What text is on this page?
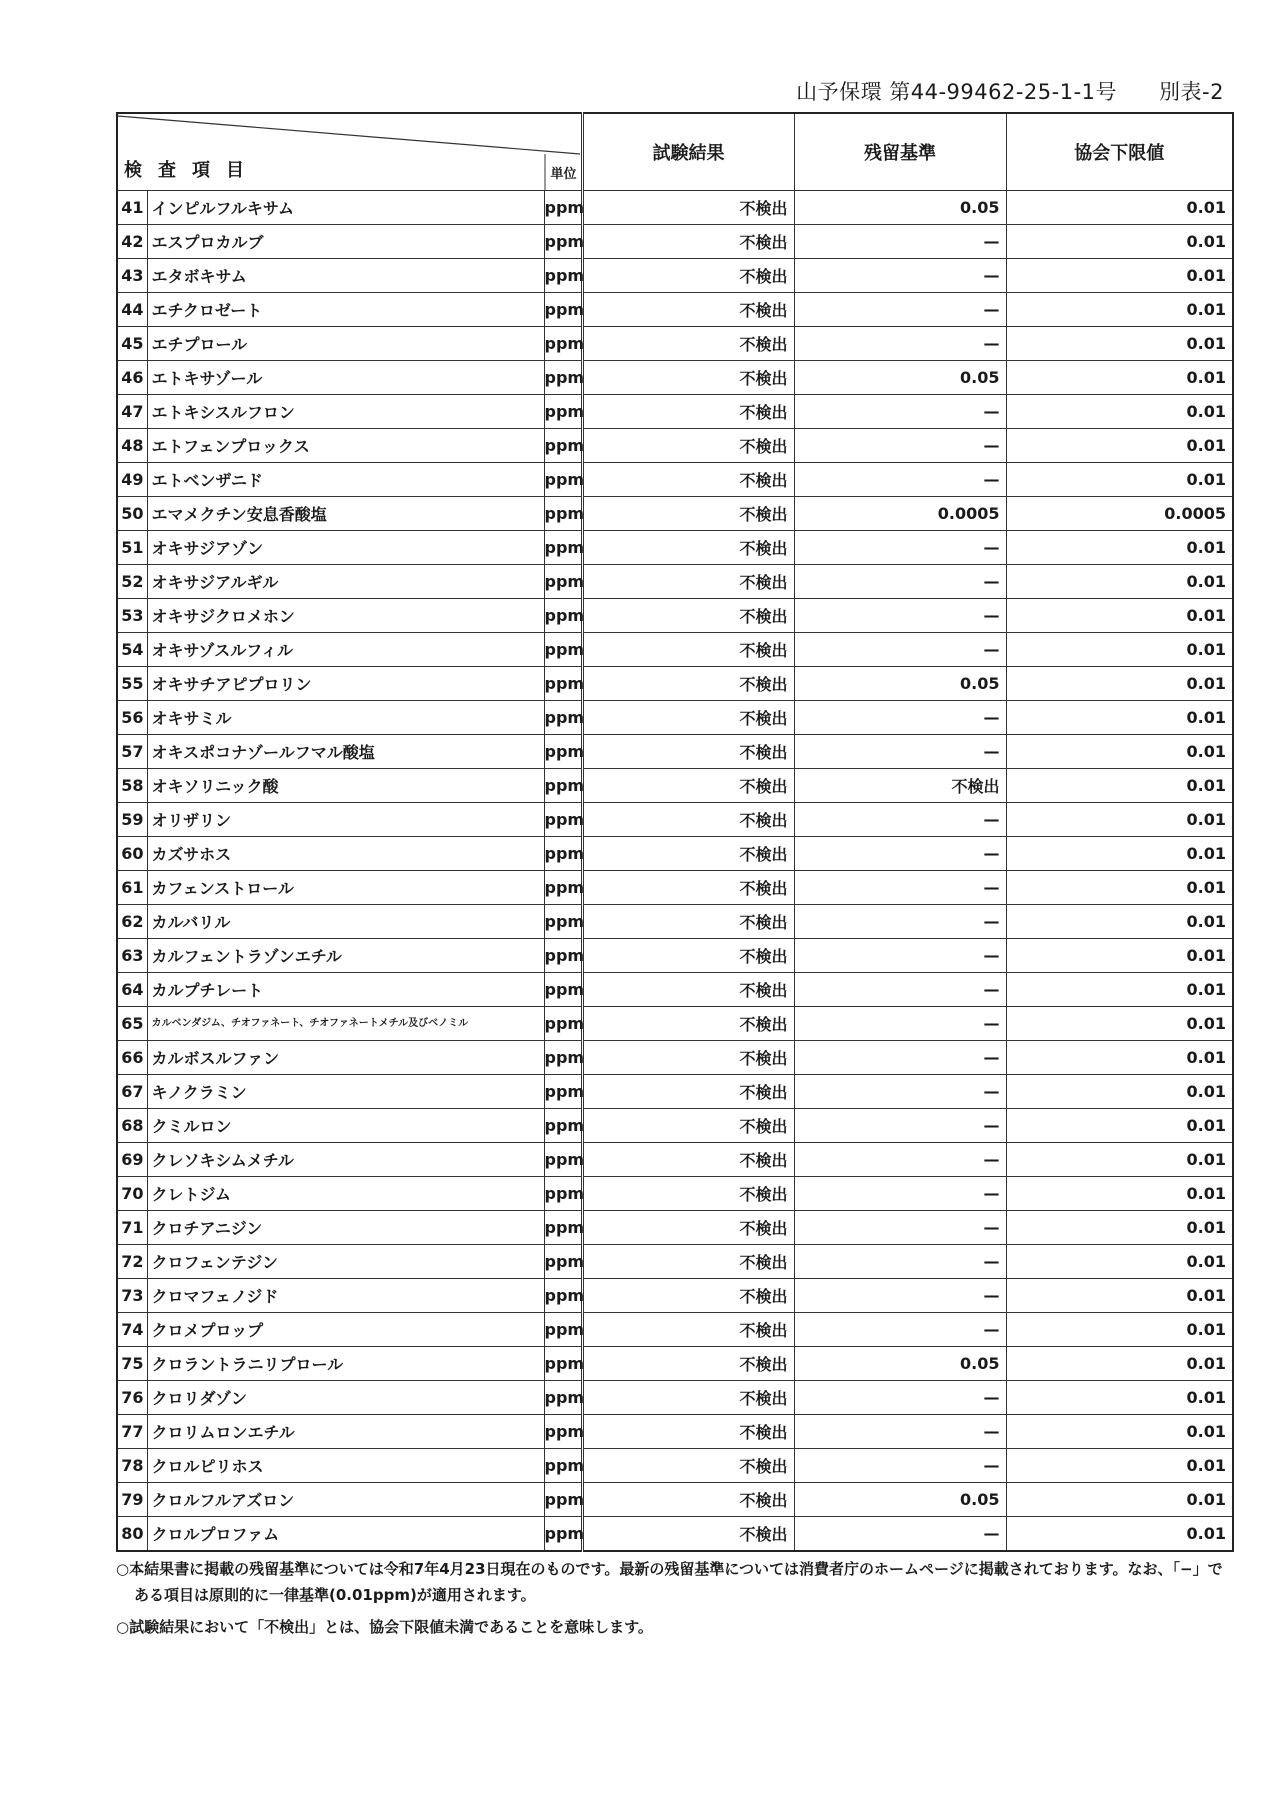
山予保環 第44-99462-25-1-1号 別表-2
検査項目 単位			試験結果	残留基準	協会下限値
41	インピルフルキサム	ppm	不検出	0.05	0.01
42	エスプロカルブ	ppm	不検出	—	0.01
43	エタボキサム	ppm	不検出	—	0.01
44	エチクロゼート	ppm	不検出	—	0.01
45	エチプロール	ppm	不検出	—	0.01
46	エトキサゾール	ppm	不検出	0.05	0.01
47	エトキシスルフロン	ppm	不検出	—	0.01
48	エトフェンプロックス	ppm	不検出	—	0.01
49	エトベンザニド	ppm	不検出	—	0.01
50	エマメクチン安息香酸塩	ppm	不検出	0.0005	0.0005
51	オキサジアゾン	ppm	不検出	—	0.01
52	オキサジアルギル	ppm	不検出	—	0.01
53	オキサジクロメホン	ppm	不検出	—	0.01
54	オキサゾスルフィル	ppm	不検出	—	0.01
55	オキサチアピプロリン	ppm	不検出	0.05	0.01
56	オキサミル	ppm	不検出	—	0.01
57	オキスポコナゾールフマル酸塩	ppm	不検出	—	0.01
58	オキソリニック酸	ppm	不検出	不検出	0.01
59	オリザリン	ppm	不検出	—	0.01
60	カズサホス	ppm	不検出	—	0.01
61	カフェンストロール	ppm	不検出	—	0.01
62	カルバリル	ppm	不検出	—	0.01
63	カルフェントラゾンエチル	ppm	不検出	—	0.01
64	カルプチレート	ppm	不検出	—	0.01
65	カルベンダジム、チオファネート、チオファネートメチル及びベノミル	ppm	不検出	—	0.01
66	カルボスルファン	ppm	不検出	—	0.01
67	キノクラミン	ppm	不検出	—	0.01
68	クミルロン	ppm	不検出	—	0.01
69	クレソキシムメチル	ppm	不検出	—	0.01
70	クレトジム	ppm	不検出	—	0.01
71	クロチアニジン	ppm	不検出	—	0.01
72	クロフェンテジン	ppm	不検出	—	0.01
73	クロマフェノジド	ppm	不検出	—	0.01
74	クロメプロップ	ppm	不検出	—	0.01
75	クロラントラニリプロール	ppm	不検出	0.05	0.01
76	クロリダゾン	ppm	不検出	—	0.01
77	クロリムロンエチル	ppm	不検出	—	0.01
78	クロルピリホス	ppm	不検出	—	0.01
79	クロルフルアズロン	ppm	不検出	0.05	0.01
80	クロルプロファム	ppm	不検出	—	0.01

○本結果書に掲載の残留基準については令和7年4月23日現在のものです。最新の残留基準については消費者庁のホームページに掲載されております。なお、「−」である項目は原則的に一律基準(0.01ppm)が適用されます。

○試験結果において「不検出」とは、協会下限値未満であることを意味します。
